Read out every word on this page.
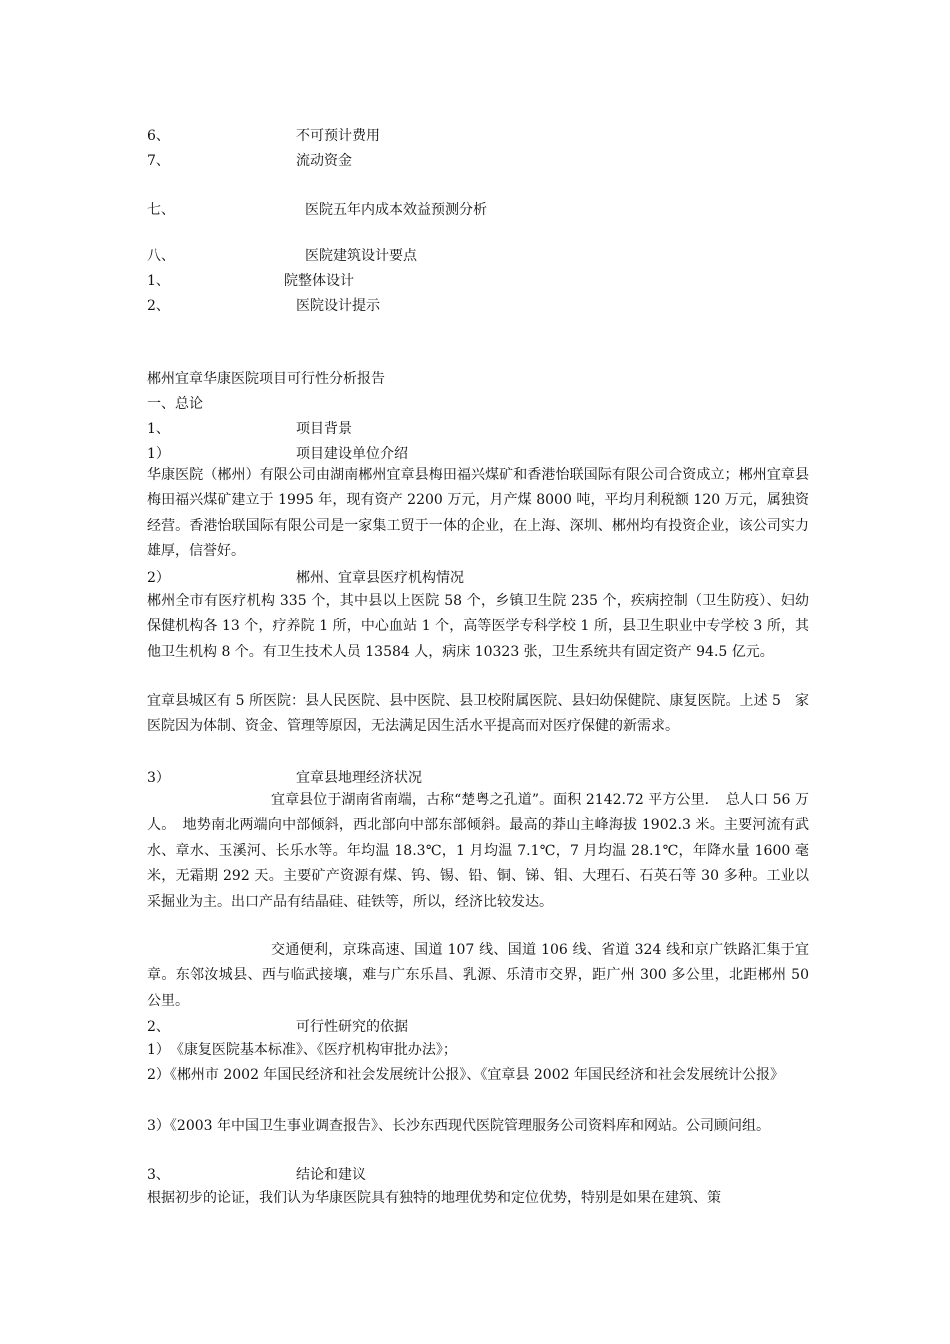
6、	不可预计费用
7、	流动资金
七、	医院五年内成本效益预测分析
八、	医院建筑设计要点
1、	院整体设计
2、	医院设计提示
郴州宜章华康医院项目可行性分析报告
一、总论
1、	项目背景
1）	项目建设单位介绍
华康医院（郴州）有限公司由湖南郴州宜章县梅田福兴煤矿和香港怡联国际有限公司合资成立；郴州宜章县梅田福兴煤矿建立于 1995 年，现有资产 2200 万元，月产煤 8000 吨，平均月利税额 120 万元，属独资经营。香港怡联国际有限公司是一家集工贸于一体的企业，在上海、深圳、郴州均有投资企业，该公司实力雄厚，信誉好。
2）	郴州、宜章县医疗机构情况
郴州全市有医疗机构 335 个，其中县以上医院 58 个，乡镇卫生院 235 个，疾病控制（卫生防疫）、妇幼保健机构各 13 个，疗养院 1 所，中心血站 1 个，高等医学专科学校 1 所，县卫生职业中专学校 3 所，其他卫生机构 8 个。有卫生技术人员 13584 人，病床 10323 张，卫生系统共有固定资产 94.5 亿元。
宜章县城区有 5 所医院：县人民医院、县中医院、县卫校附属医院、县妇幼保健院、康复医院。上述 5　家医院因为体制、资金、管理等原因，无法满足因生活水平提高而对医疗保健的新需求。
3）	宜章县地理经济状况
宜章县位于湖南省南端，古称“楚粤之孔道”。面积 2142.72 平方公里．　总人口 56 万人。　地势南北两端向中部倾斜，西北部向中部东部倾斜。最高的莽山主峰海拔 1902.3 米。主要河流有武水、章水、玉溪河、长乐水等。年均温 18.3℃，1 月均温 7.1℃，7 月均温 28.1℃，年降水量 1600 毫米，无霜期 292 天。主要矿产资源有煤、钨、锡、铅、铜、锑、钼、大理石、石英石等 30 多种。工业以采掘业为主。出口产品有结晶硅、硅铁等，所以，经济比较发达。
交通便利，京珠高速、国道 107 线、国道 106 线、省道 324 线和京广铁路汇集于宜章。东邻汝城县、西与临武接壤，难与广东乐昌、乳源、乐清市交界，距广州 300 多公里，北距郴州 50 公里。
2、	可行性研究的依据
1）　《康复医院基本标准》、《医疗机构审批办法》；
2）《郴州市 2002 年国民经济和社会发展统计公报》、《宜章县 2002 年国民经济和社会发展统计公报》
3）《2003 年中国卫生事业调查报告》、长沙东西现代医院管理服务公司资料库和网站。公司顾问组。
3、	结论和建议
根据初步的论证，我们认为华康医院具有独特的地理优势和定位优势，特别是如果在建筑、策
